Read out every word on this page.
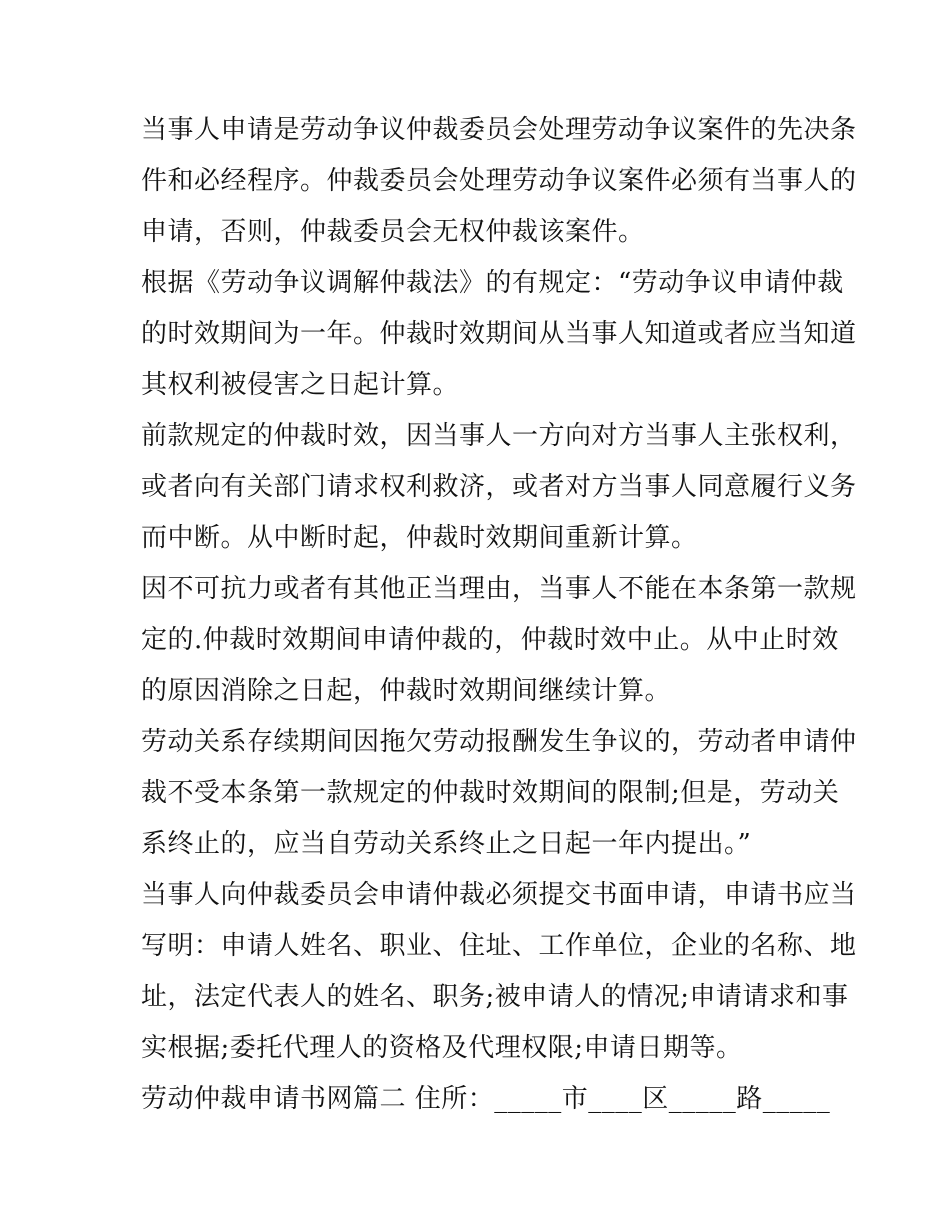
当事人申请是劳动争议仲裁委员会处理劳动争议案件的先决条
件和必经程序。仲裁委员会处理劳动争议案件必须有当事人的
申请，否则，仲裁委员会无权仲裁该案件。
根据《劳动争议调解仲裁法》的有规定：“劳动争议申请仲裁
的时效期间为一年。仲裁时效期间从当事人知道或者应当知道
其权利被侵害之日起计算。
前款规定的仲裁时效，因当事人一方向对方当事人主张权利，
或者向有关部门请求权利救济，或者对方当事人同意履行义务
而中断。从中断时起，仲裁时效期间重新计算。
因不可抗力或者有其他正当理由，当事人不能在本条第一款规
定的.仲裁时效期间申请仲裁的，仲裁时效中止。从中止时效
的原因消除之日起，仲裁时效期间继续计算。
劳动关系存续期间因拖欠劳动报酬发生争议的，劳动者申请仲
裁不受本条第一款规定的仲裁时效期间的限制;但是，劳动关
系终止的，应当自劳动关系终止之日起一年内提出。”
当事人向仲裁委员会申请仲裁必须提交书面申请，申请书应当
写明：申请人姓名、职业、住址、工作单位，企业的名称、地
址，法定代表人的姓名、职务;被申请人的情况;申请请求和事
实根据;委托代理人的资格及代理权限;申请日期等。
劳动仲裁申请书网篇二 住所：_____市____区_____路_____
